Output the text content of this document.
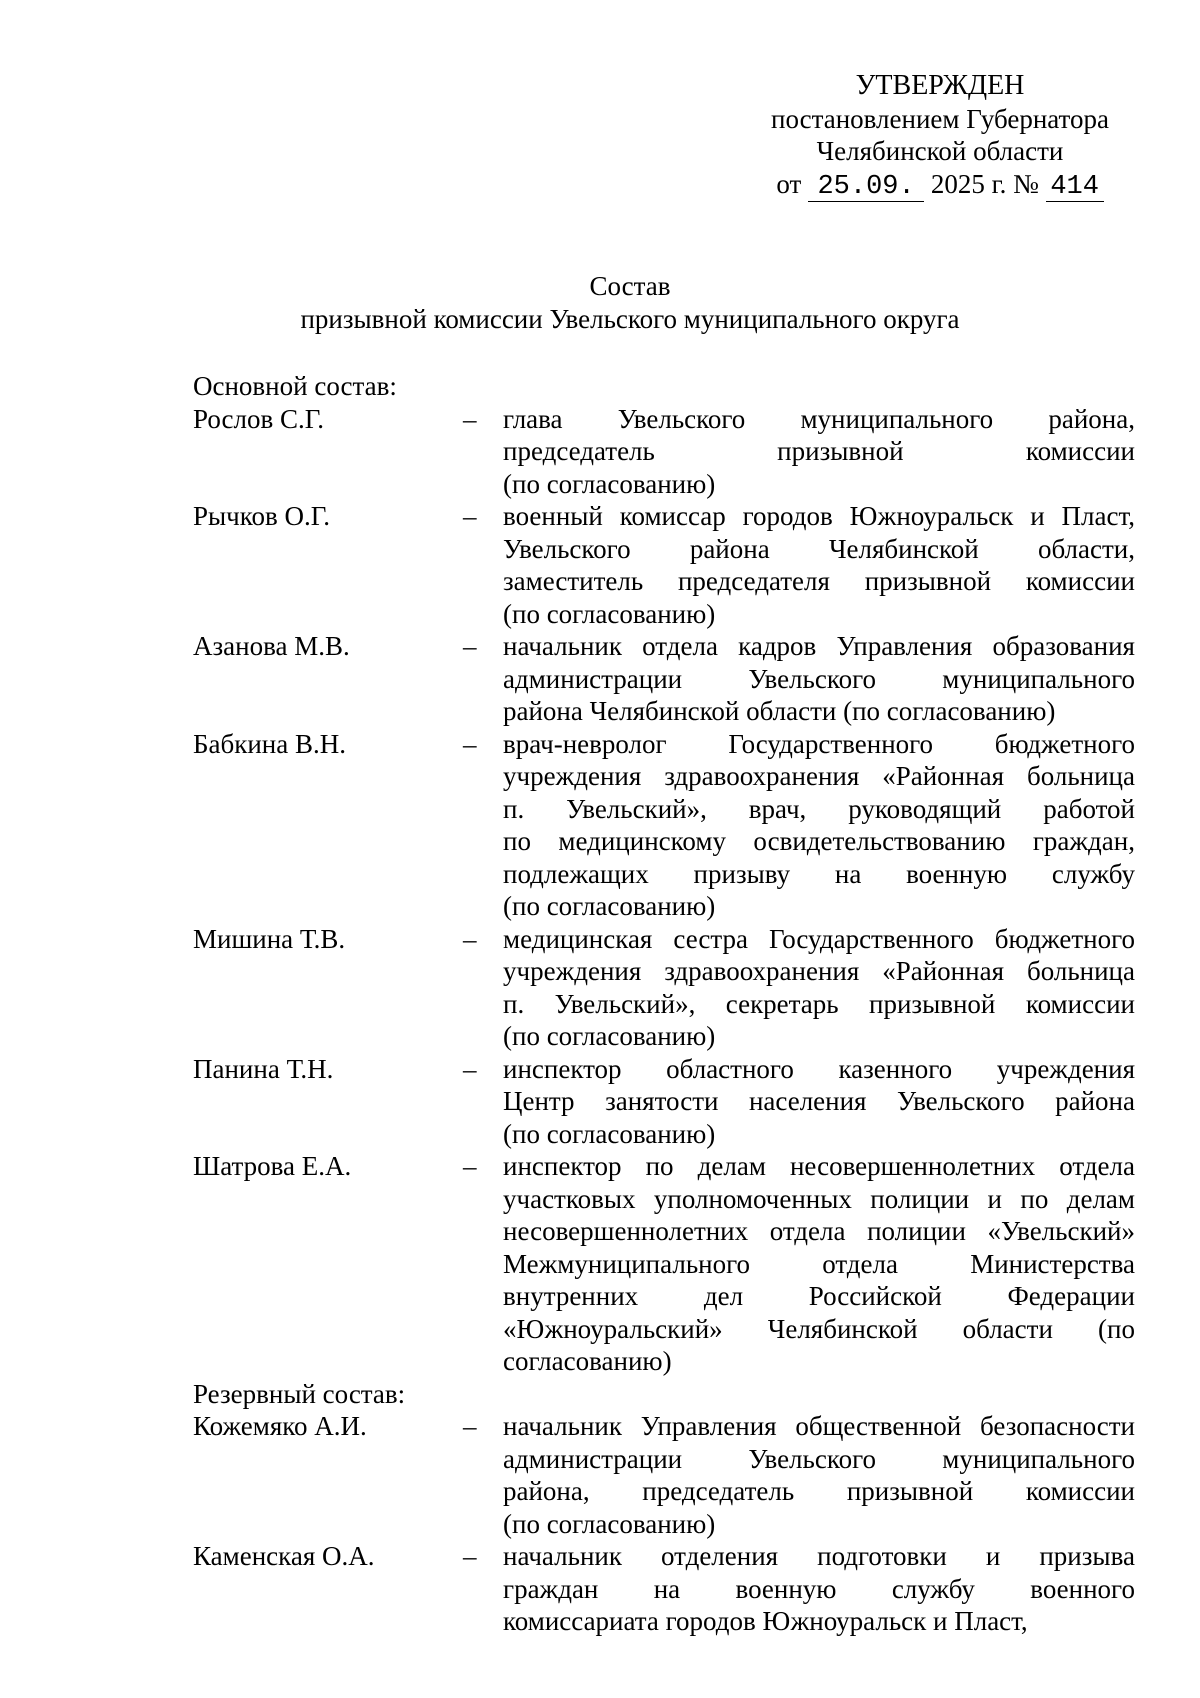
УТВЕРЖДЕН
постановлением Губернатора
Челябинской области
от 25.09. 2025 г. № 414
Состав
призывной комиссии Увельского муниципального округа
Основной состав:
Рослов С.Г.	– глава Увельского муниципального района,
председатель	призывной	комиссии
(по согласованию)
Рычков О.Г.	– военный комиссар городов Южноуральск и Пласт,
Увельского района Челябинской области,
заместитель председателя призывной комиссии
(по согласованию)
Азанова М.В.	– начальник отдела кадров Управления образования
администрации Увельского муниципального
района Челябинской области (по согласованию)
Бабкина В.Н.	– врач-невролог Государственного бюджетного
учреждения здравоохранения «Районная больница
п. Увельский», врач, руководящий работой
по медицинскому освидетельствованию граждан,
подлежащих призыву на военную службу
(по согласованию)
Мишина Т.В.	– медицинская сестра Государственного бюджетного
учреждения здравоохранения «Районная больница
п. Увельский», секретарь призывной комиссии
(по согласованию)
Панина Т.Н.	– инспектор областного казенного учреждения
Центр занятости населения Увельского района
(по согласованию)
Шатрова Е.А.	– инспектор по делам несовершеннолетних отдела
участковых уполномоченных полиции и по делам
несовершеннолетних отдела полиции «Увельский»
Межмуниципального	отдела	Министерства
внутренних дел Российской Федерации
«Южноуральский» Челябинской области (по
согласованию)
Резервный состав:
Кожемяко А.И.	– начальник Управления общественной безопасности
администрации Увельского муниципального
района, председатель призывной комиссии
(по согласованию)
Каменская О.А.	– начальник отделения подготовки и призыва
граждан на военную службу военного
комиссариата городов Южноуральск и Пласт,
